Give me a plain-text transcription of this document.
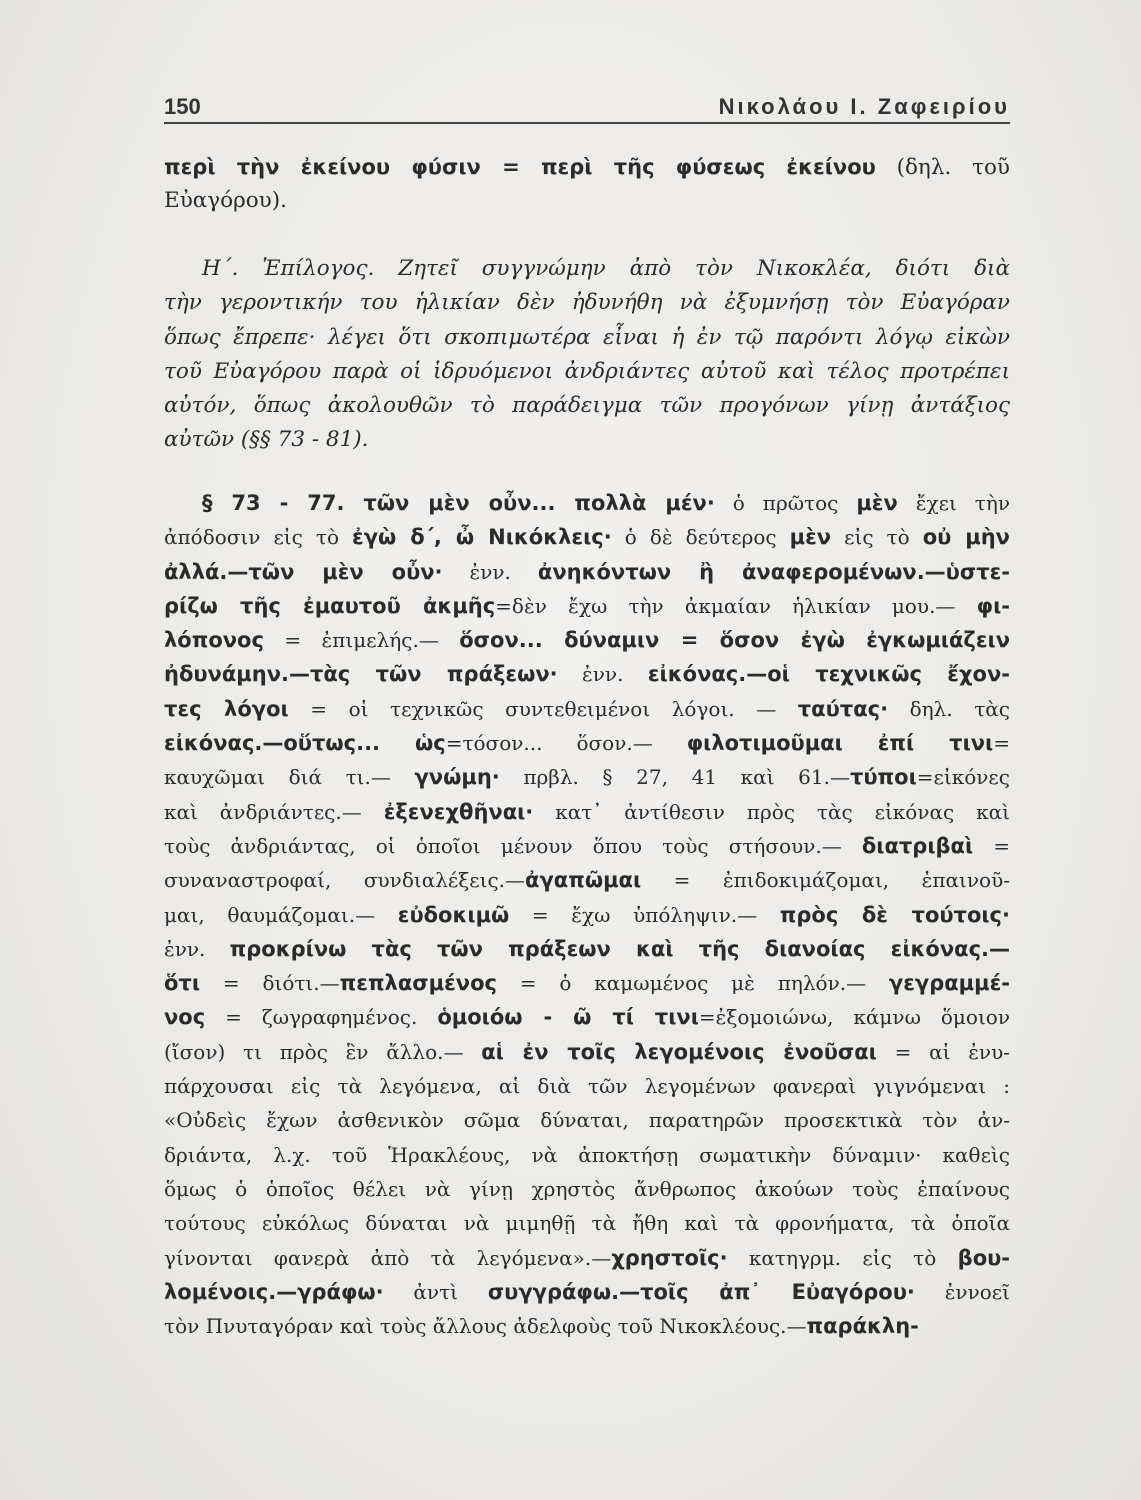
150	Νικολάου Ι. Ζαφειρίου
περὶ τὴν ἐκείνου φύσιν = περὶ τῆς φύσεως ἐκείνου (δηλ. τοῦ
Εὐαγόρου).
Η΄. Ἐπίλογος. Ζητεῖ συγγνώμην ἀπὸ τὸν Νικοκλέα, διότι διὰ
τὴν γεροντικήν του ἡλικίαν δὲν ἠδυνήθη νὰ ἐξυμνήσῃ τὸν Εὐαγόραν
ὅπως ἔπρεπε· λέγει ὅτι σκοπιμωτέρα εἶναι ἡ ἐν τῷ παρόντι λόγῳ εἰκὼν
τοῦ Εὐαγόρου παρὰ οἱ ἱδρυόμενοι ἀνδριάντες αὐτοῦ καὶ τέλος προτρέπει
αὐτόν, ὅπως ἀκολουθῶν τὸ παράδειγμα τῶν προγόνων γίνῃ ἀντάξιος
αὐτῶν (§§ 73 - 81).
§ 73 - 77. τῶν μὲν οὖν... πολλὰ μέν· ὁ πρῶτος μὲν ἔχει τὴν
ἀπόδοσιν εἰς τὸ ἐγὼ δ΄, ὦ Νικόκλεις· ὁ δὲ δεύτερος μὲν εἰς τὸ οὐ μὴν
ἀλλά.—τῶν μὲν οὖν· ἐνν. ἀνηκόντων ἢ ἀναφερομένων.—ὑστε-
ρίζω τῆς ἐμαυτοῦ ἀκμῆς=δὲν ἔχω τὴν ἀκμαίαν ἡλικίαν μου.— φι-
λόπονος = ἐπιμελής.— ὅσον... δύναμιν = ὅσον ἐγὼ ἐγκωμιάζειν
ἠδυνάμην.—τὰς τῶν πράξεων· ἐνν. εἰκόνας.—οἱ τεχνικῶς ἔχον-
τες λόγοι = οἱ τεχνικῶς συντεθειμένοι λόγοι. — ταύτας· δηλ. τὰς
εἰκόνας.—οὕτως... ὡς=τόσον... ὅσον.— φιλοτιμοῦμαι ἐπί τινι=
καυχῶμαι διά τι.— γνώμη· πρβλ. § 27, 41 καὶ 61.—τύποι=εἰκόνες
καὶ ἀνδριάντες.— ἐξενεχθῆναι· κατ᾿ ἀντίθεσιν πρὸς τὰς εἰκόνας καὶ
τοὺς ἀνδριάντας, οἱ ὁποῖοι μένουν ὅπου τοὺς στήσουν.— διατριβαὶ =
συναναστροφαί, συνδιαλέξεις.—ἀγαπῶμαι = ἐπιδοκιμάζομαι, ἐπαινοῦ-
μαι, θαυμάζομαι.— εὐδοκιμῶ = ἔχω ὑπόληψιν.— πρὸς δὲ τούτοις·
ἐνν. προκρίνω τὰς τῶν πράξεων καὶ τῆς διανοίας εἰκόνας.—
ὅτι = διότι.—πεπλασμένος = ὁ καμωμένος μὲ πηλόν.— γεγραμμέ-
νος = ζωγραφημένος. ὁμοιόω - ῶ τί τινι=ἐξομοιώνω, κάμνω ὅμοιον
(ἴσον) τι πρὸς ἓν ἄλλο.— αἱ ἐν τοῖς λεγομένοις ἐνοῦσαι = αἱ ἐνυ-
πάρχουσαι εἰς τὰ λεγόμενα, αἱ διὰ τῶν λεγομένων φανεραὶ γιγνόμεναι :
«Οὐδεὶς ἔχων ἀσθενικὸν σῶμα δύναται, παρατηρῶν προσεκτικὰ τὸν ἀν-
δριάντα, λ.χ. τοῦ Ἡρακλέους, νὰ ἀποκτήσῃ σωματικὴν δύναμιν· καθεὶς
ὅμως ὁ ὁποῖος θέλει νὰ γίνῃ χρηστὸς ἄνθρωπος ἀκούων τοὺς ἐπαίνους
τούτους εὐκόλως δύναται νὰ μιμηθῇ τὰ ἤθη καὶ τὰ φρονήματα, τὰ ὁποῖα
γίνονται φανερὰ ἀπὸ τὰ λεγόμενα».—χρηστοῖς· κατηγρμ. εἰς τὸ βου-
λομένοις.—γράφω· ἀντὶ συγγράφω.—τοῖς ἀπ᾿ Εὐαγόρου· ἐννοεῖ
τὸν Πνυταγόραν καὶ τοὺς ἄλλους ἀδελφοὺς τοῦ Νικοκλέους.—παράκλη-
